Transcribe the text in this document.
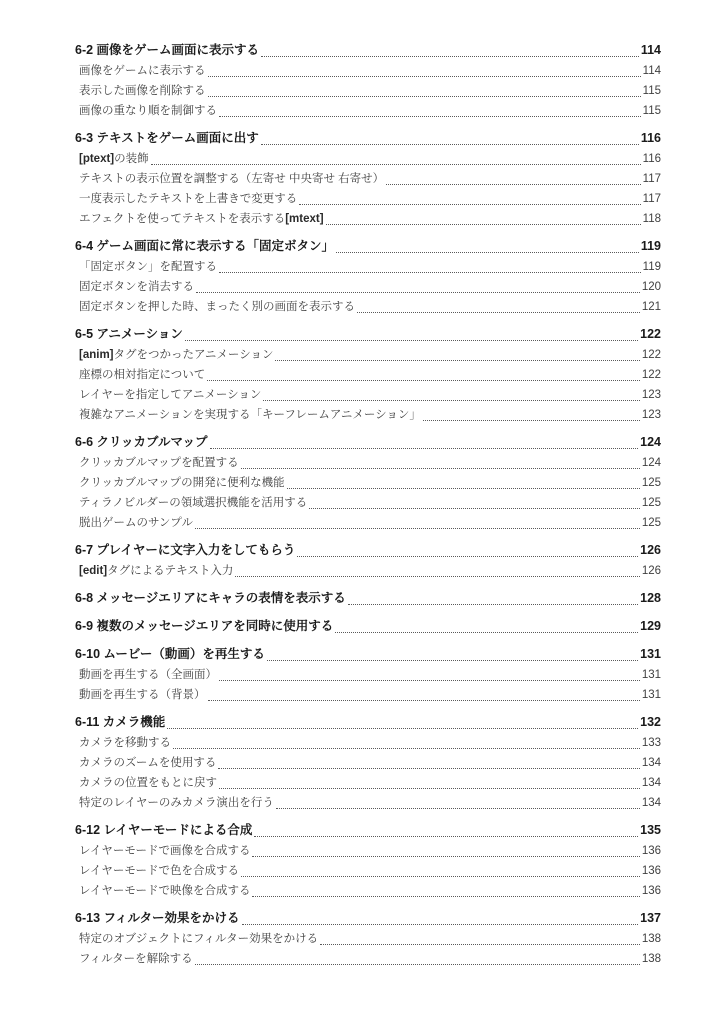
6-2 画像をゲーム画面に表示する	114
画像をゲームに表示する	114
表示した画像を削除する	115
画像の重なり順を制御する	115
6-3 テキストをゲーム画面に出す	116
[ptext]の装飾	116
テキストの表示位置を調整する（左寄せ 中央寄せ 右寄せ）	117
一度表示したテキストを上書きで変更する	117
エフェクトを使ってテキストを表示する[mtext]	118
6-4 ゲーム画面に常に表示する「固定ボタン」	119
「固定ボタン」を配置する	119
固定ボタンを消去する	120
固定ボタンを押した時、まったく別の画面を表示する	121
6-5 アニメーション	122
[anim]タグをつかったアニメーション	122
座標の相対指定について	122
レイヤーを指定してアニメーション	123
複雑なアニメーションを実現する「キーフレームアニメーション」	123
6-6 クリッカブルマップ	124
クリッカブルマップを配置する	124
クリッカブルマップの開発に便利な機能	125
ティラノビルダーの領域選択機能を活用する	125
脱出ゲームのサンプル	125
6-7 プレイヤーに文字入力をしてもらう	126
[edit]タグによるテキスト入力	126
6-8 メッセージエリアにキャラの表情を表示する	128
6-9 複数のメッセージエリアを同時に使用する	129
6-10 ムービー（動画）を再生する	131
動画を再生する（全画面）	131
動画を再生する（背景）	131
6-11 カメラ機能	132
カメラを移動する	133
カメラのズームを使用する	134
カメラの位置をもとに戻す	134
特定のレイヤーのみカメラ演出を行う	134
6-12 レイヤーモードによる合成	135
レイヤーモードで画像を合成する	136
レイヤーモードで色を合成する	136
レイヤーモードで映像を合成する	136
6-13 フィルター効果をかける	137
特定のオブジェクトにフィルター効果をかける	138
フィルターを解除する	138
